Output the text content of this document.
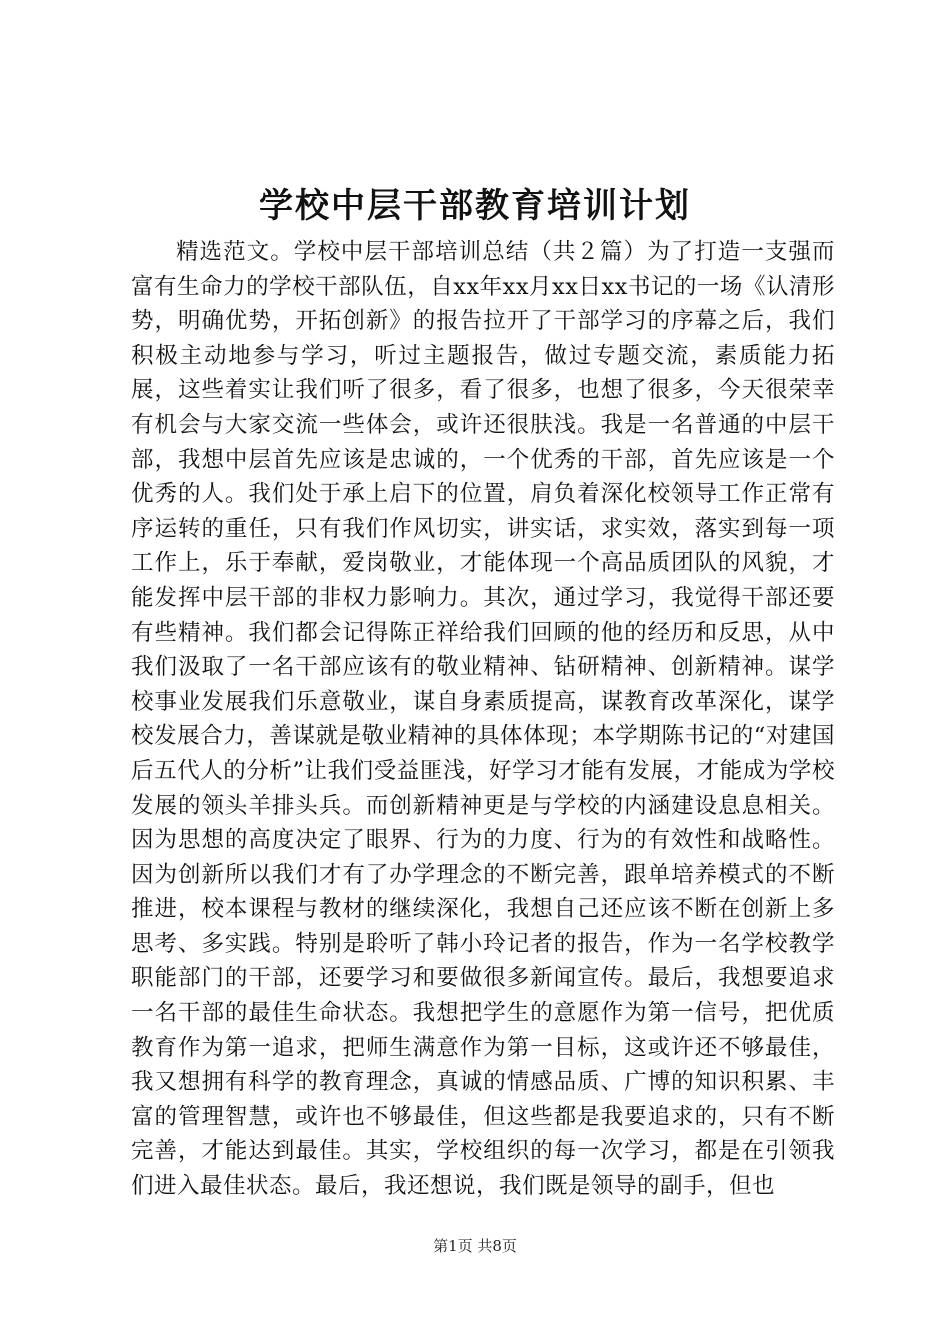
学校中层干部教育培训计划

精选范文。学校中层干部培训总结（共２篇）为了打造一支强而富有生命力的学校干部队伍，自xx年xx月xx日xx书记的一场《认清形势，明确优势，开拓创新》的报告拉开了干部学习的序幕之后，我们积极主动地参与学习，听过主题报告，做过专题交流，素质能力拓展，这些着实让我们听了很多，看了很多，也想了很多，今天很荣幸有机会与大家交流一些体会，或许还很肤浅。我是一名普通的中层干部，我想中层首先应该是忠诚的，一个优秀的干部，首先应该是一个优秀的人。我们处于承上启下的位置，肩负着深化校领导工作正常有序运转的重任，只有我们作风切实，讲实话，求实效，落实到每一项工作上，乐于奉献，爱岗敬业，才能体现一个高品质团队的风貌，才能发挥中层干部的非权力影响力。其次，通过学习，我觉得干部还要有些精神。我们都会记得陈正祥给我们回顾的他的经历和反思，从中我们汲取了一名干部应该有的敬业精神、钻研精神、创新精神。谋学校事业发展我们乐意敬业，谋自身素质提高，谋教育改革深化，谋学校发展合力，善谋就是敬业精神的具体体现；本学期陈书记的“对建国后五代人的分析”让我们受益匪浅，好学习才能有发展，才能成为学校发展的领头羊排头兵。而创新精神更是与学校的内涵建设息息相关。因为思想的高度决定了眼界、行为的力度、行为的有效性和战略性。因为创新所以我们才有了办学理念的不断完善，跟单培养模式的不断推进，校本课程与教材的继续深化，我想自己还应该不断在创新上多思考、多实践。特别是聆听了韩小玲记者的报告，作为一名学校教学职能部门的干部，还要学习和要做很多新闻宣传。最后，我想要追求一名干部的最佳生命状态。我想把学生的意愿作为第一信号，把优质教育作为第一追求，把师生满意作为第一目标，这或许还不够最佳，我又想拥有科学的教育理念，真诚的情感品质、广博的知识积累、丰富的管理智慧，或许也不够最佳，但这些都是我要追求的，只有不断完善，才能达到最佳。其实，学校组织的每一次学习，都是在引领我们进入最佳状态。最后，我还想说，我们既是领导的副手，但也

第1页 共8页
